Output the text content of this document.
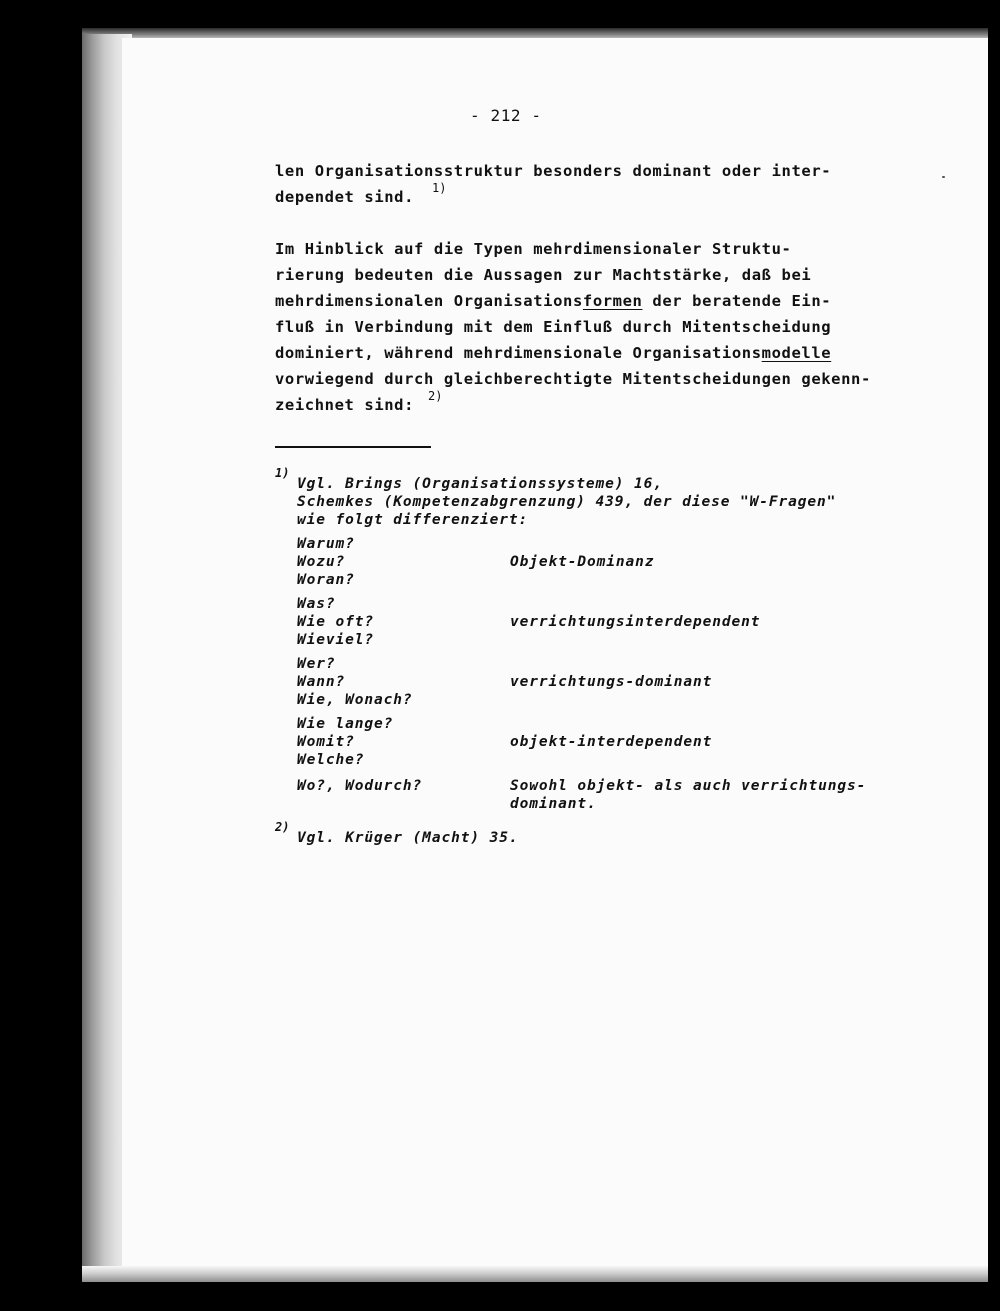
- 212 -

len Organisationsstruktur besonders dominant oder inter-

dependet sind. 1)

Im Hinblick auf die Typen mehrdimensionaler Struktu-

rierung bedeuten die Aussagen zur Machtstärke, daß bei

mehrdimensionalen Organisationsformen der beratende Ein-

fluß in Verbindung mit dem Einfluß durch Mitentscheidung

dominiert, während mehrdimensionale Organisationsmodelle

vorwiegend durch gleichberechtigte Mitentscheidungen gekenn-

zeichnet sind: 2)
1)

Vgl. Brings (Organisationssysteme) 16,

Schemkes (Kompetenzabgrenzung) 439, der diese "W-Fragen"

wie folgt differenziert:

Warum?

Wozu?

Woran?

Objekt-Dominanz

Was?

Wie oft?

Wieviel?

verrichtungsinterdependent

Wer?

Wann?

Wie, Wonach?

verrichtungs-dominant

Wie lange?

Womit?

Welche?

objekt-interdependent

Wo?, Wodurch?	Sowohl objekt- als auch verrichtungs-

dominant.

2)

Vgl. Krüger (Macht) 35.
